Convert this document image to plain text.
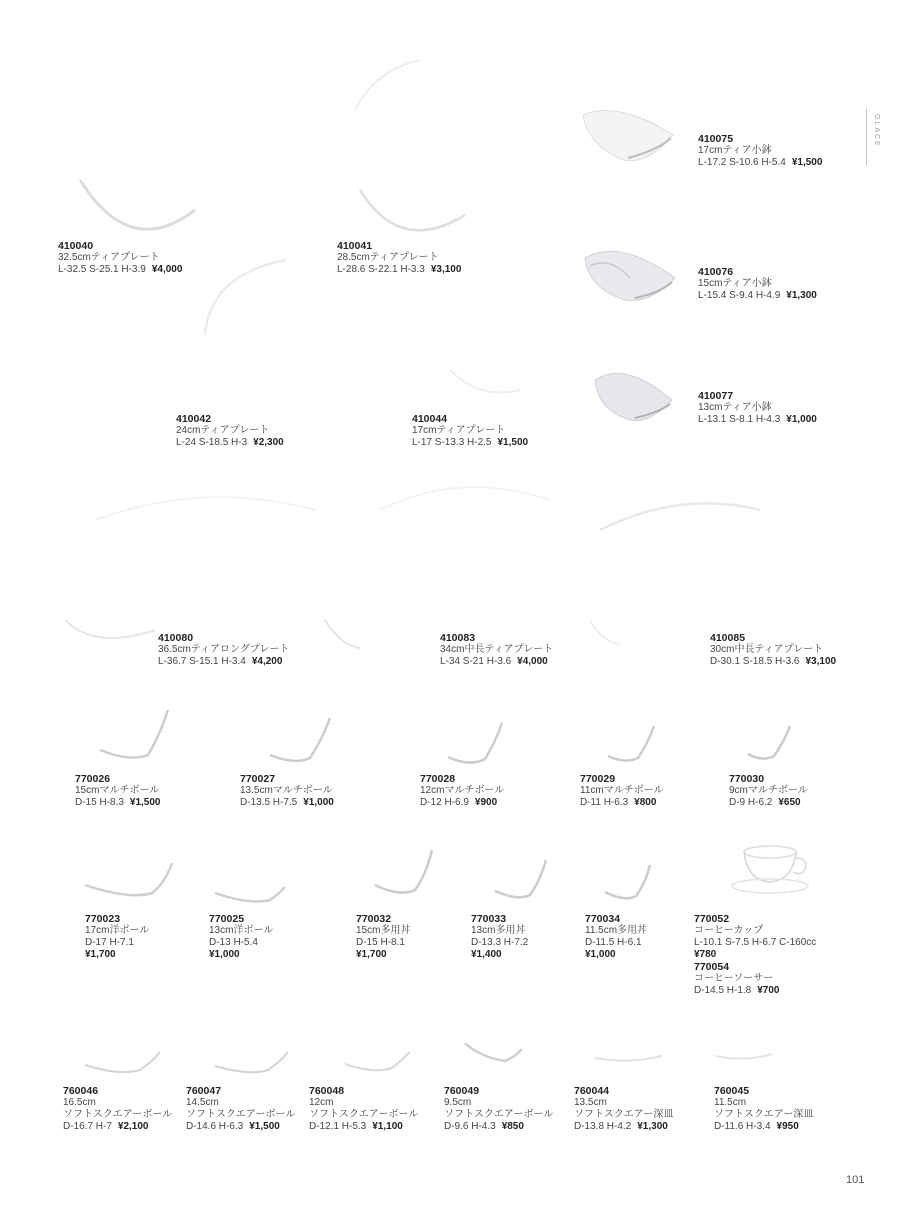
GLACE
410040
32.5cmティアプレート
L-32.5 S-25.1 H-3.9 ¥4,000
410041
28.5cmティアプレート
L-28.6 S-22.1 H-3.3 ¥3,100
410075
17cmティア小鉢
L-17.2 S-10.6 H-5.4 ¥1,500
410076
15cmティア小鉢
L-15.4 S-9.4 H-4.9 ¥1,300
410042
24cmティアプレート
L-24 S-18.5 H-3 ¥2,300
410044
17cmティアプレート
L-17 S-13.3 H-2.5 ¥1,500
410077
13cmティア小鉢
L-13.1 S-8.1 H-4.3 ¥1,000
410080
36.5cmティアロングプレート
L-36.7 S-15.1 H-3.4 ¥4,200
410083
34cm中長ティアプレート
L-34 S-21 H-3.6 ¥4,000
410085
30cm中長ティアプレート
D-30.1 S-18.5 H-3.6 ¥3,100
770026
15cmマルチボール
D-15 H-8.3 ¥1,500
770027
13.5cmマルチボール
D-13.5 H-7.5 ¥1,000
770028
12cmマルチボール
D-12 H-6.9 ¥900
770029
11cmマルチボール
D-11 H-6.3 ¥800
770030
9cmマルチボール
D-9 H-6.2 ¥650
770023
17cm洋ボール
D-17 H-7.1
¥1,700
770025
13cm洋ボール
D-13 H-5.4
¥1,000
770032
15cm多用丼
D-15 H-8.1
¥1,700
770033
13cm多用丼
D-13.3 H-7.2
¥1,400
770034
11.5cm多用丼
D-11.5 H-6.1
¥1,000
770052
コーヒーカップ
L-10.1 S-7.5 H-6.7 C-160cc
¥780
770054
コーヒーソーサー
D-14.5 H-1.8 ¥700
760046
16.5cm
ソフトスクエアーボール
D-16.7 H-7 ¥2,100
760047
14.5cm
ソフトスクエアーボール
D-14.6 H-6.3 ¥1,500
760048
12cm
ソフトスクエアーボール
D-12.1 H-5.3 ¥1,100
760049
9.5cm
ソフトスクエアーボール
D-9.6 H-4.3 ¥850
760044
13.5cm
ソフトスクエアー深皿
D-13.8 H-4.2 ¥1,300
760045
11.5cm
ソフトスクエアー深皿
D-11.6 H-3.4 ¥950
101
